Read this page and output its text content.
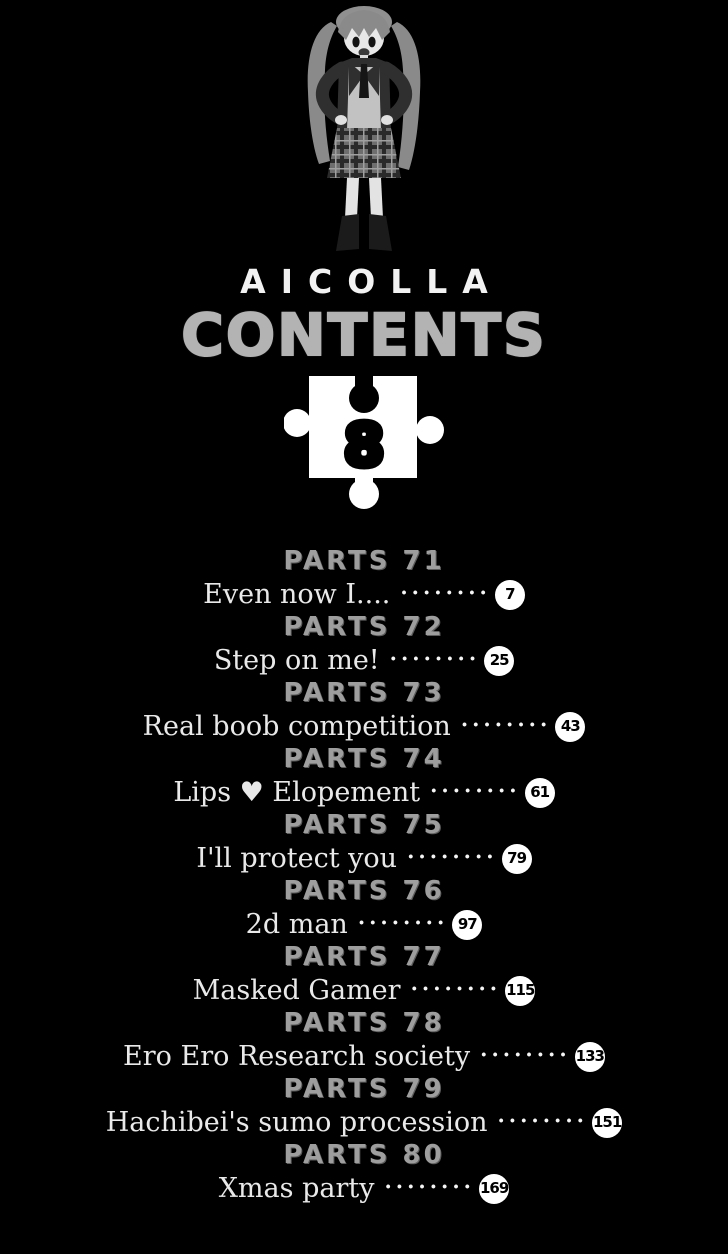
AICOLLA
CONTENTS
8
PARTS 71
Even now I.... ········ 7
PARTS 72
Step on me! ········ 25
PARTS 73
Real boob competition ········ 43
PARTS 74
Lips ♥ Elopement ········ 61
PARTS 75
I'll protect you ········ 79
PARTS 76
2d man ········ 97
PARTS 77
Masked Gamer ········ 115
PARTS 78
Ero Ero Research society ········ 133
PARTS 79
Hachibei's sumo procession ········ 151
PARTS 80
Xmas party ········ 169
